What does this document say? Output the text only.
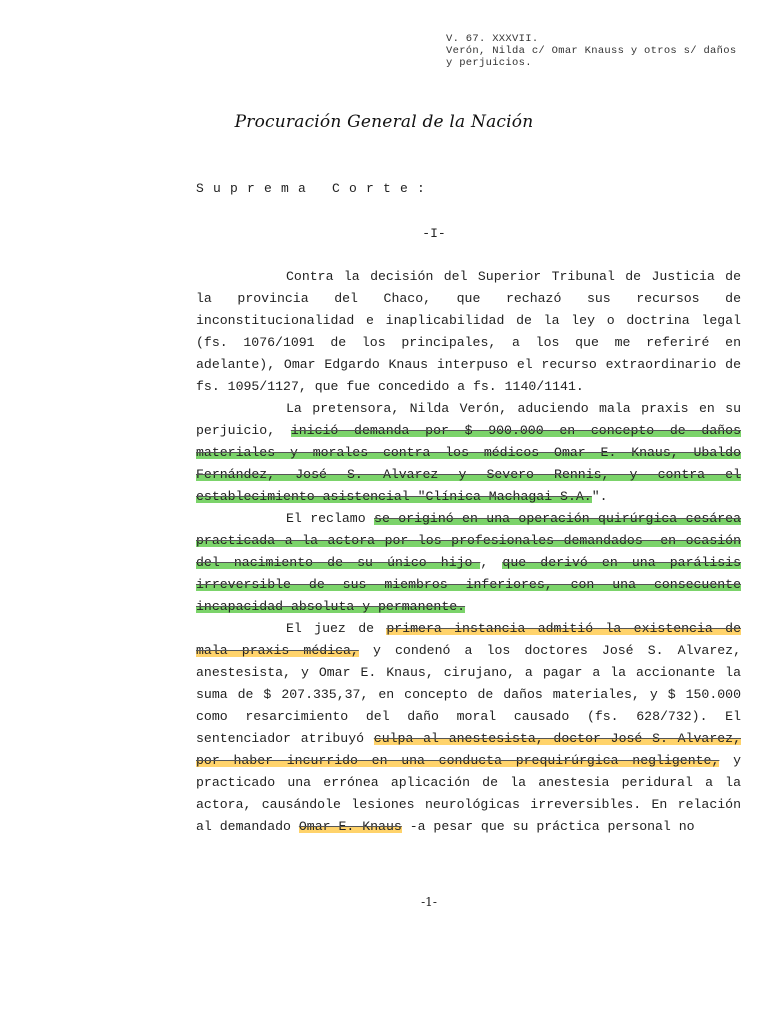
V. 67. XXXVII.
Verón, Nilda c/ Omar Knauss y otros s/ daños
y perjuicios.
Procuración General de la Nación
Suprema Corte:
-I-

Contra la decisión del Superior Tribunal de Justicia de la provincia del Chaco, que rechazó sus recursos de inconstitucionalidad e inaplicabilidad de la ley o doctrina legal (fs. 1076/1091 de los principales, a los que me referiré en adelante), Omar Edgardo Knaus interpuso el recurso extraordinario de fs. 1095/1127, que fue concedido a fs. 1140/1141.

La pretensora, Nilda Verón, aduciendo mala praxis en su perjuicio, inició demanda por $ 900.000 en concepto de daños materiales y morales contra los médicos Omar E. Knaus, Ubaldo Fernández, José S. Alvarez y Severo Rennis, y contra el establecimiento asistencial "Clínica Machagai S.A.".

El reclamo se originó en una operación quirúrgica cesárea practicada a la actora por los profesionales demandados -en ocasión del nacimiento de su único hijo-, que derivó en una parálisis irreversible de sus miembros inferiores, con una consecuente incapacidad absoluta y permanente.

El juez de primera instancia admitió la existencia de mala praxis médica, y condenó a los doctores José S. Alvarez, anestesista, y Omar E. Knaus, cirujano, a pagar a la accionante la suma de $ 207.335,37, en concepto de daños materiales, y $ 150.000 como resarcimiento del daño moral causado (fs. 628/732). El sentenciador atribuyó culpa al anestesista, doctor José S. Alvarez, por haber incurrido en una conducta prequirúrgica negligente, y practicado una errónea aplicación de la anestesia peridural a la actora, causándole lesiones neurológicas irreversibles. En relación al demandado Omar E. Knaus -a pesar que su práctica personal no

-1-
